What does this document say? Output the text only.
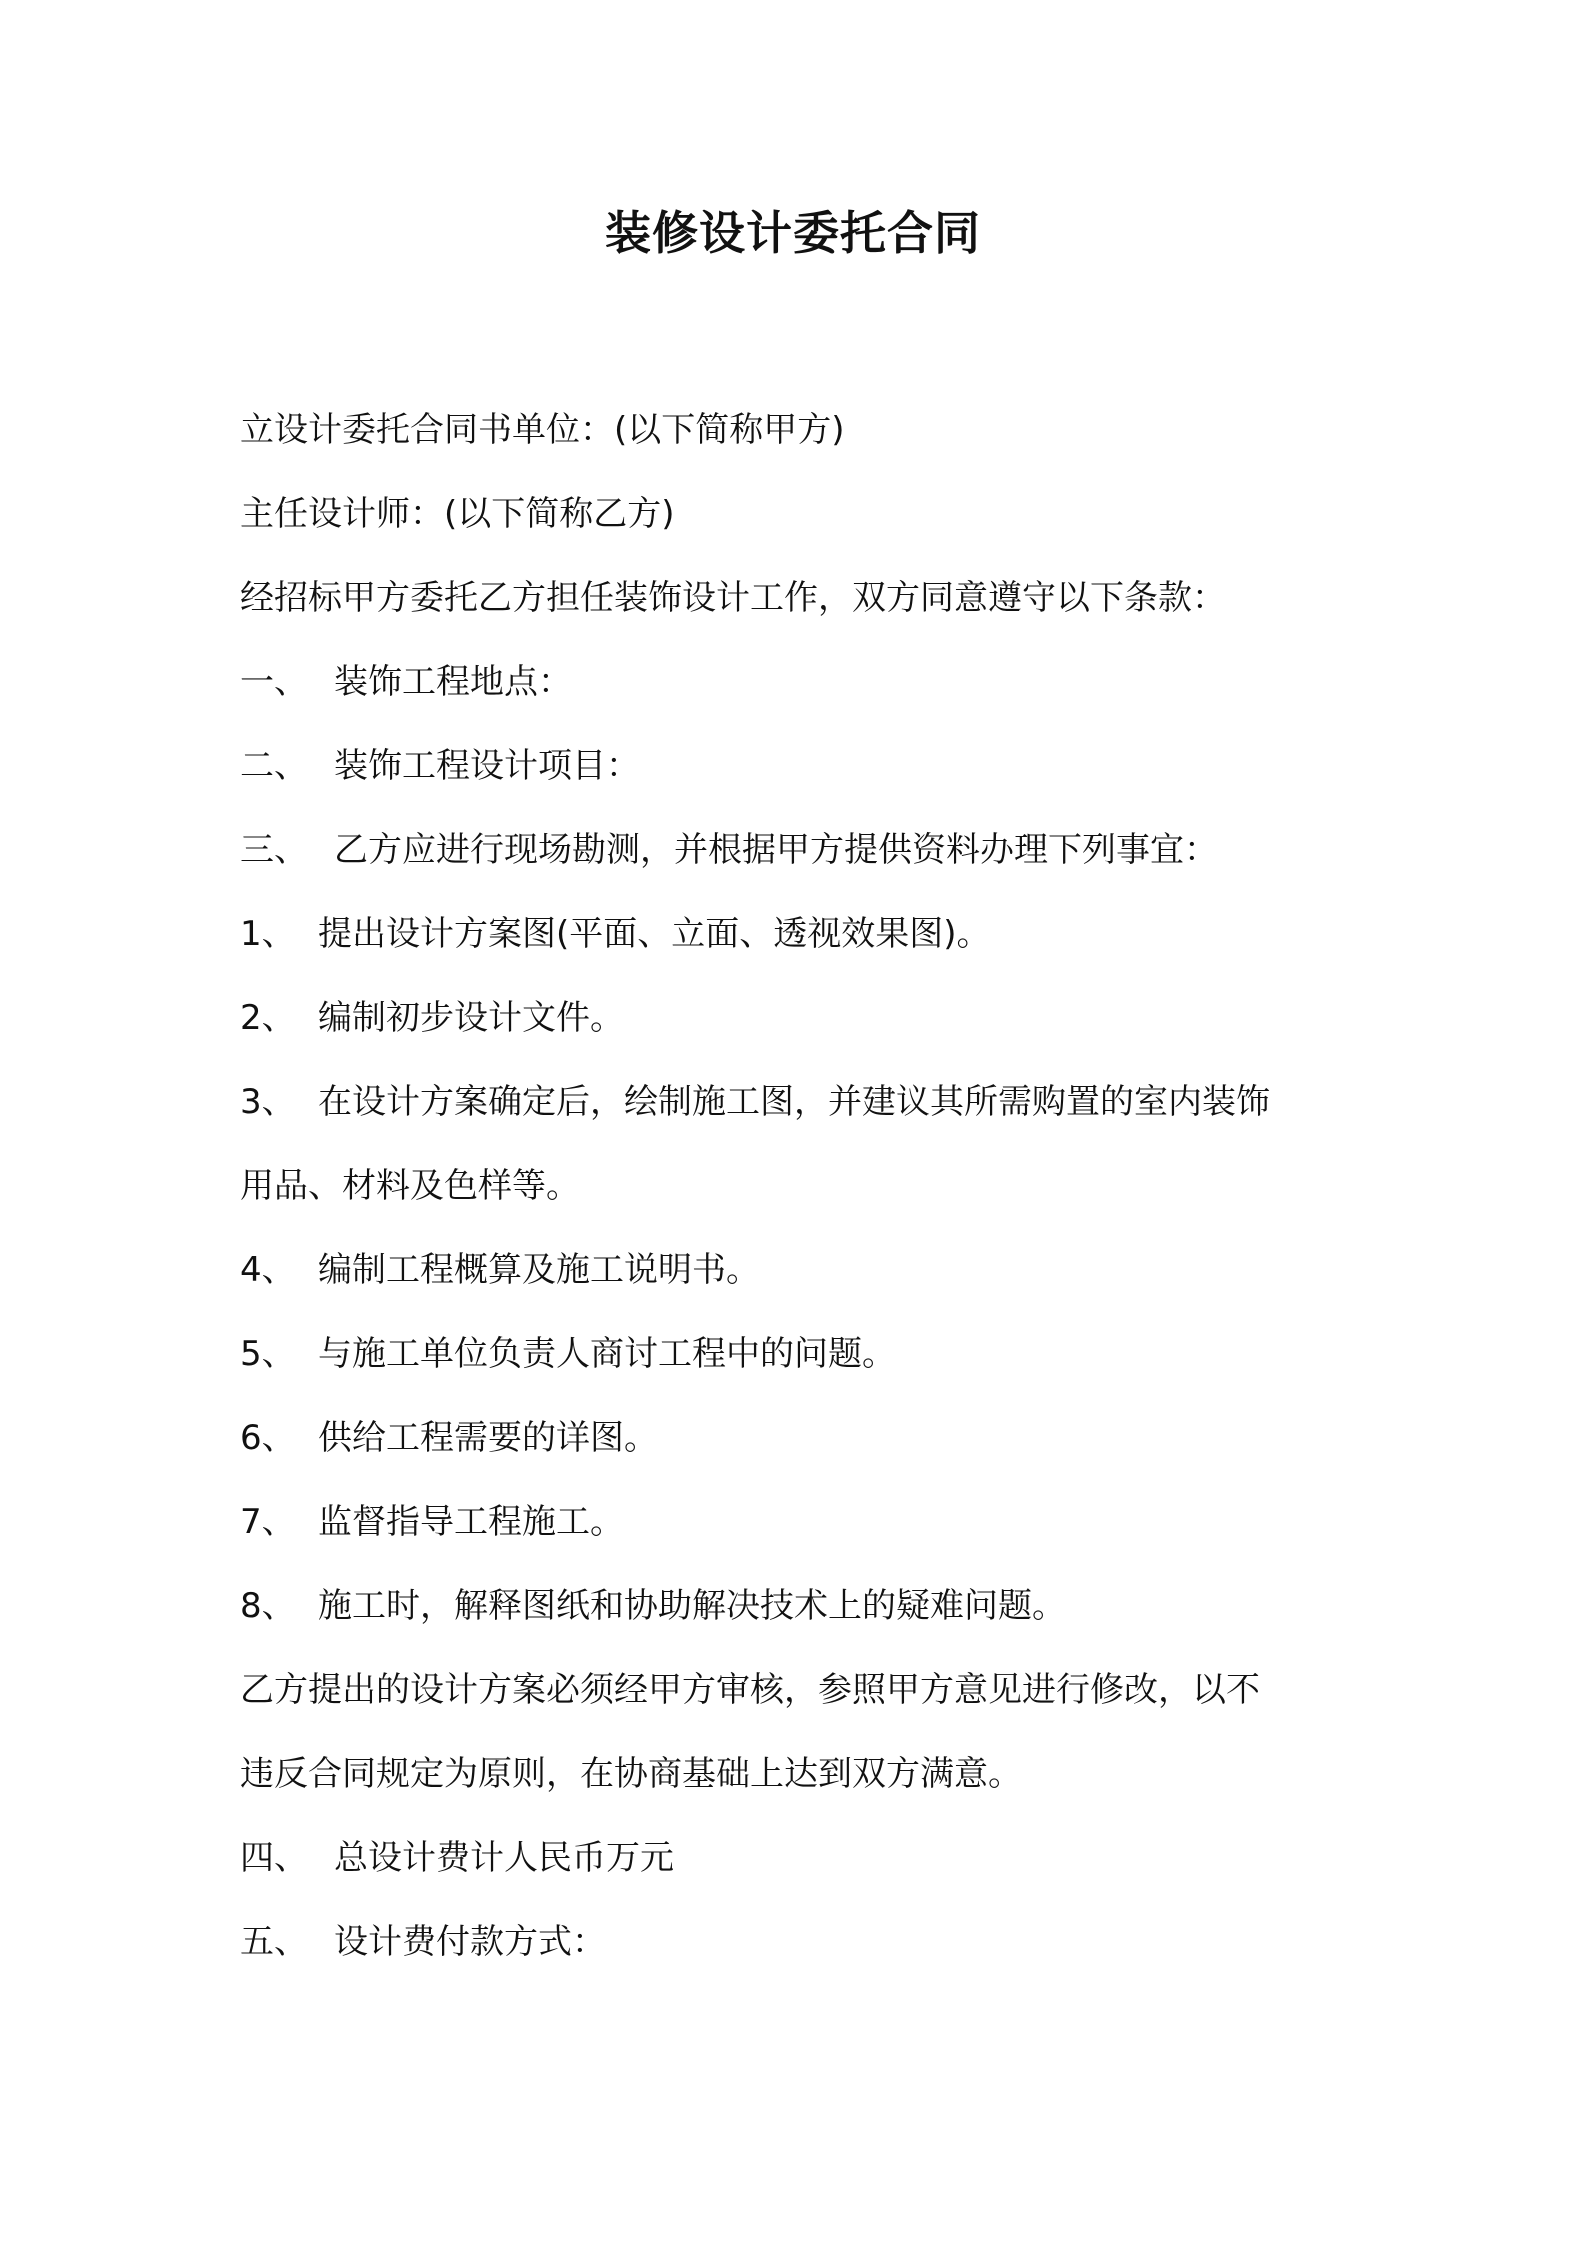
装修设计委托合同
立设计委托合同书单位：(以下简称甲方)
主任设计师：(以下简称乙方)
经招标甲方委托乙方担任装饰设计工作，双方同意遵守以下条款：
一、 装饰工程地点：
二、 装饰工程设计项目：
三、 乙方应进行现场勘测，并根据甲方提供资料办理下列事宜：
1、 提出设计方案图(平面、立面、透视效果图)。
2、 编制初步设计文件。
3、 在设计方案确定后，绘制施工图，并建议其所需购置的室内装饰
用品、材料及色样等。
4、 编制工程概算及施工说明书。
5、 与施工单位负责人商讨工程中的问题。
6、 供给工程需要的详图。
7、 监督指导工程施工。
8、 施工时，解释图纸和协助解决技术上的疑难问题。
乙方提出的设计方案必须经甲方审核，参照甲方意见进行修改，以不
违反合同规定为原则，在协商基础上达到双方满意。
四、 总设计费计人民币万元
五、 设计费付款方式：
